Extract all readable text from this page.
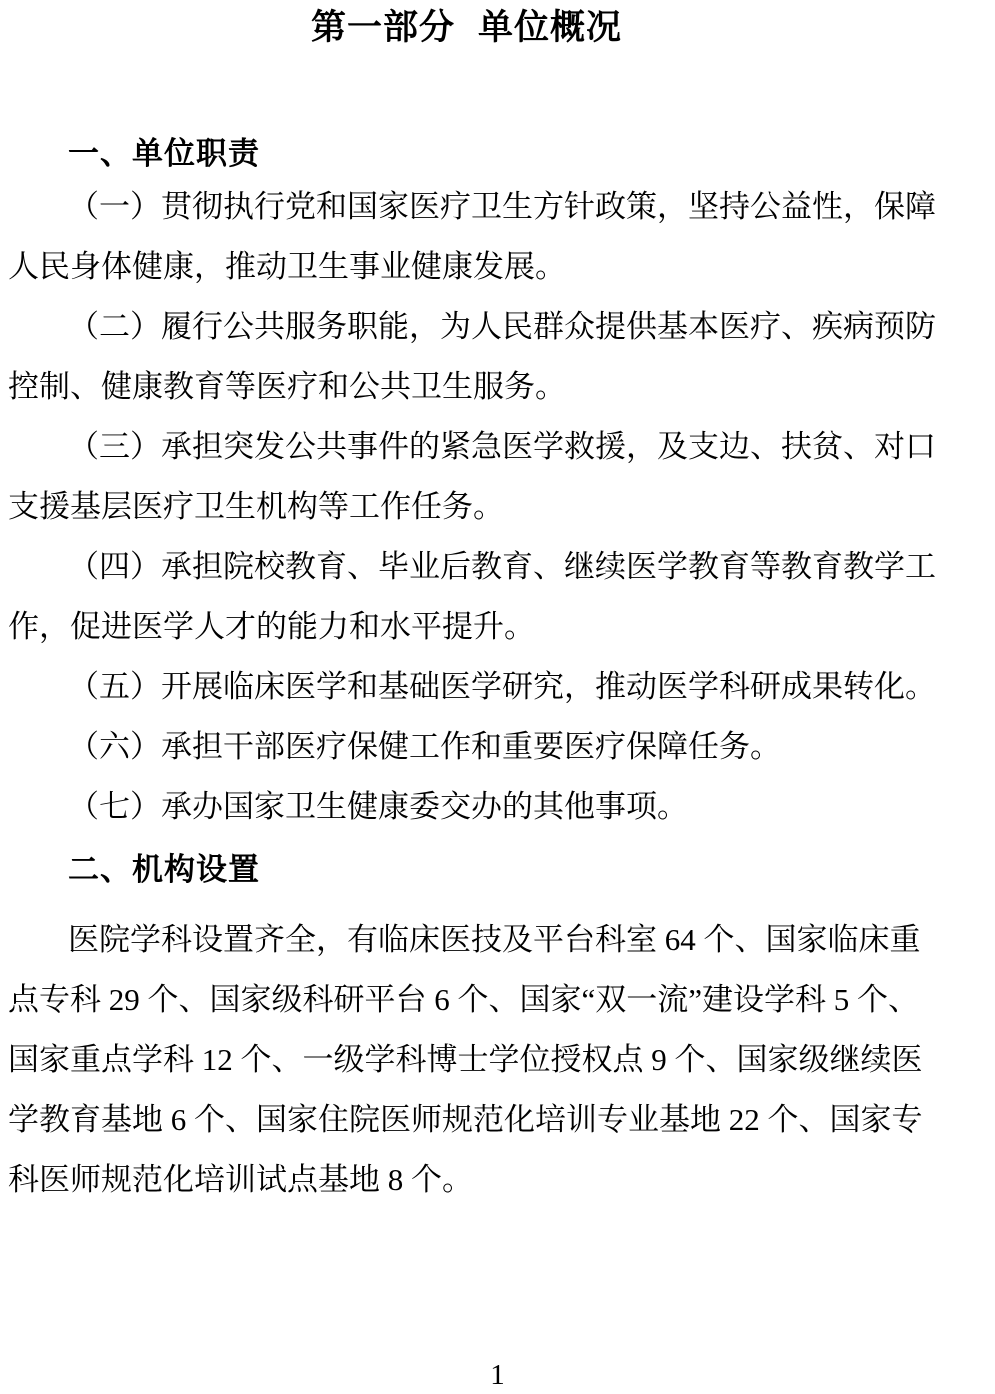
第一部分 单位概况
一、单位职责
（一）贯彻执行党和国家医疗卫生方针政策，坚持公益性，保障
人民身体健康，推动卫生事业健康发展。
（二）履行公共服务职能，为人民群众提供基本医疗、疾病预防
控制、健康教育等医疗和公共卫生服务。
（三）承担突发公共事件的紧急医学救援，及支边、扶贫、对口
支援基层医疗卫生机构等工作任务。
（四）承担院校教育、毕业后教育、继续医学教育等教育教学工
作，促进医学人才的能力和水平提升。
（五）开展临床医学和基础医学研究，推动医学科研成果转化。
（六）承担干部医疗保健工作和重要医疗保障任务。
（七）承办国家卫生健康委交办的其他事项。
二、机构设置
医院学科设置齐全，有临床医技及平台科室 64 个、国家临床重
点专科 29 个、国家级科研平台 6 个、国家“双一流”建设学科 5 个、
国家重点学科 12 个、一级学科博士学位授权点 9 个、国家级继续医
学教育基地 6 个、国家住院医师规范化培训专业基地 22 个、国家专
科医师规范化培训试点基地 8 个。
1
